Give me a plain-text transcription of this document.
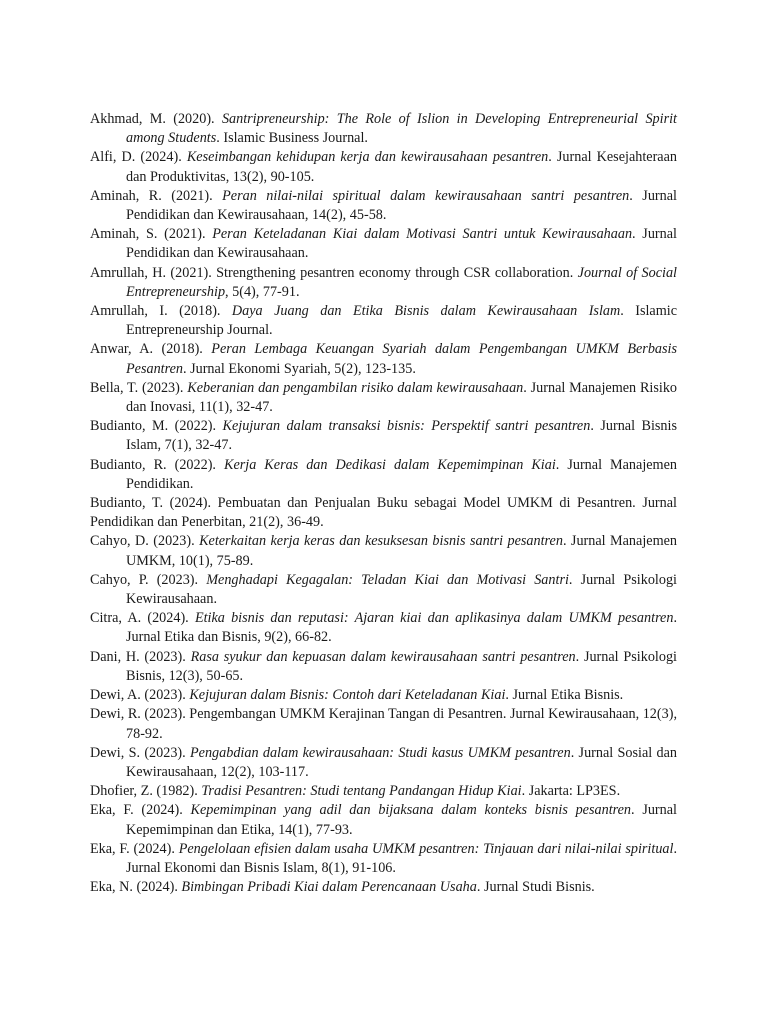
Akhmad, M. (2020). Santripreneurship: The Role of Islion in Developing Entrepreneurial Spirit among Students. Islamic Business Journal.

Alfi, D. (2024). Keseimbangan kehidupan kerja dan kewirausahaan pesantren. Jurnal Kesejahteraan dan Produktivitas, 13(2), 90-105.

Aminah, R. (2021). Peran nilai-nilai spiritual dalam kewirausahaan santri pesantren. Jurnal Pendidikan dan Kewirausahaan, 14(2), 45-58.

Aminah, S. (2021). Peran Keteladanan Kiai dalam Motivasi Santri untuk Kewirausahaan. Jurnal Pendidikan dan Kewirausahaan.

Amrullah, H. (2021). Strengthening pesantren economy through CSR collaboration. Journal of Social Entrepreneurship, 5(4), 77-91.

Amrullah, I. (2018). Daya Juang dan Etika Bisnis dalam Kewirausahaan Islam. Islamic Entrepreneurship Journal.

Anwar, A. (2018). Peran Lembaga Keuangan Syariah dalam Pengembangan UMKM Berbasis Pesantren. Jurnal Ekonomi Syariah, 5(2), 123-135.

Bella, T. (2023). Keberanian dan pengambilan risiko dalam kewirausahaan. Jurnal Manajemen Risiko dan Inovasi, 11(1), 32-47.

Budianto, M. (2022). Kejujuran dalam transaksi bisnis: Perspektif santri pesantren. Jurnal Bisnis Islam, 7(1), 32-47.

Budianto, R. (2022). Kerja Keras dan Dedikasi dalam Kepemimpinan Kiai. Jurnal Manajemen Pendidikan.

Budianto, T. (2024). Pembuatan dan Penjualan Buku sebagai Model UMKM di Pesantren. Jurnal Pendidikan dan Penerbitan, 21(2), 36-49.

Cahyo, D. (2023). Keterkaitan kerja keras dan kesuksesan bisnis santri pesantren. Jurnal Manajemen UMKM, 10(1), 75-89.

Cahyo, P. (2023). Menghadapi Kegagalan: Teladan Kiai dan Motivasi Santri. Jurnal Psikologi Kewirausahaan.

Citra, A. (2024). Etika bisnis dan reputasi: Ajaran kiai dan aplikasinya dalam UMKM pesantren. Jurnal Etika dan Bisnis, 9(2), 66-82.

Dani, H. (2023). Rasa syukur dan kepuasan dalam kewirausahaan santri pesantren. Jurnal Psikologi Bisnis, 12(3), 50-65.

Dewi, A. (2023). Kejujuran dalam Bisnis: Contoh dari Keteladanan Kiai. Jurnal Etika Bisnis.

Dewi, R. (2023). Pengembangan UMKM Kerajinan Tangan di Pesantren. Jurnal Kewirausahaan, 12(3), 78-92.

Dewi, S. (2023). Pengabdian dalam kewirausahaan: Studi kasus UMKM pesantren. Jurnal Sosial dan Kewirausahaan, 12(2), 103-117.

Dhofier, Z. (1982). Tradisi Pesantren: Studi tentang Pandangan Hidup Kiai. Jakarta: LP3ES.

Eka, F. (2024). Kepemimpinan yang adil dan bijaksana dalam konteks bisnis pesantren. Jurnal Kepemimpinan dan Etika, 14(1), 77-93.

Eka, F. (2024). Pengelolaan efisien dalam usaha UMKM pesantren: Tinjauan dari nilai-nilai spiritual. Jurnal Ekonomi dan Bisnis Islam, 8(1), 91-106.

Eka, N. (2024). Bimbingan Pribadi Kiai dalam Perencanaan Usaha. Jurnal Studi Bisnis.
